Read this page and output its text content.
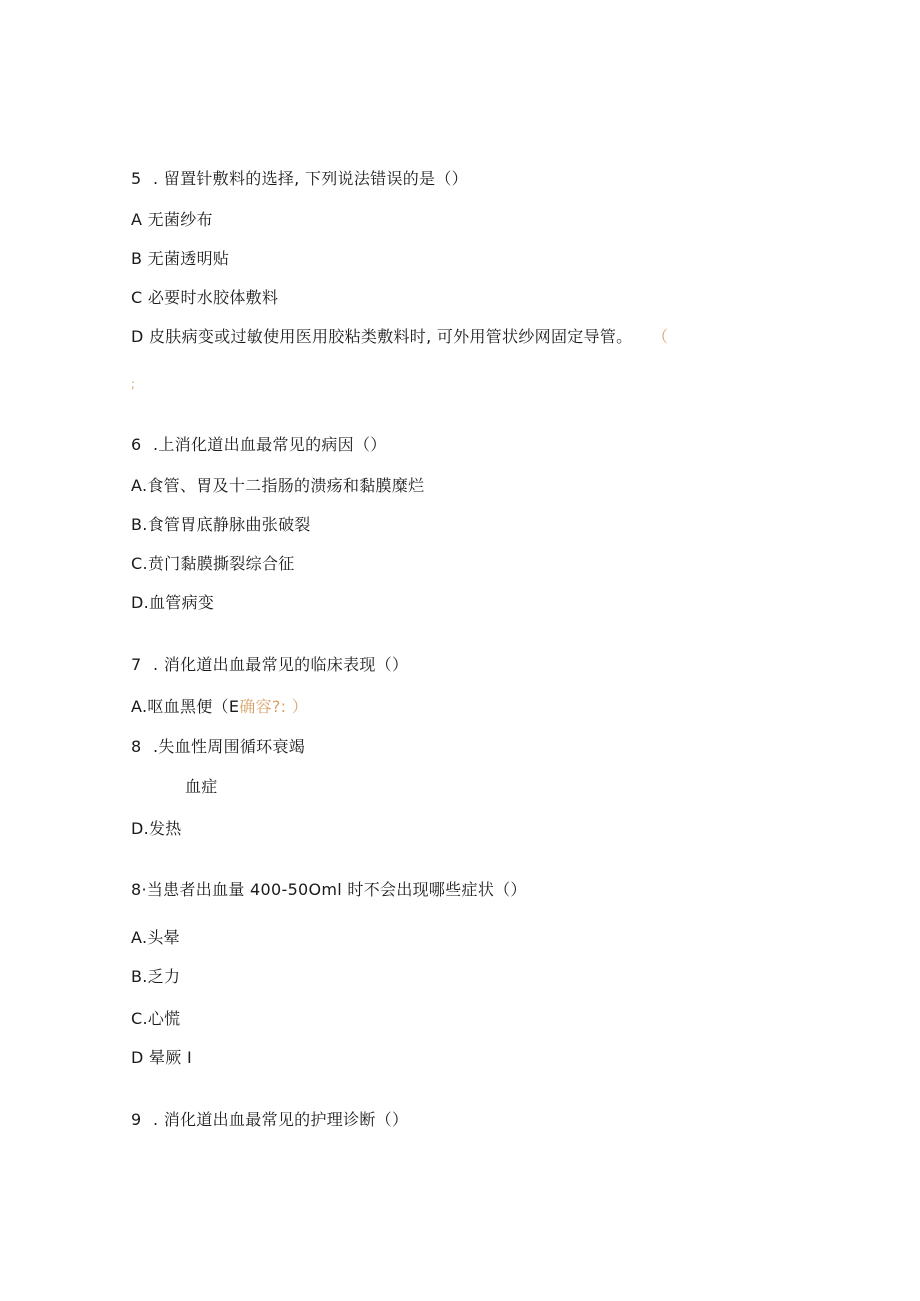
5 . 留置针敷料的选择, 下列说法错误的是（）
A 无菌纱布
B 无菌透明贴
C 必要时水胶体敷料
D 皮肤病变或过敏使用医用胶粘类敷料时, 可外用管状纱网固定导管。 （
;
6 .上消化道出血最常见的病因（）
A.食管、胃及十二指肠的溃疡和黏膜糜烂
B.食管胃底静脉曲张破裂
C.贲门黏膜撕裂综合征
D.血管病变
7 . 消化道出血最常见的临床表现（）
A.呕血黑便（E确容?: ）
8 .失血性周围循环衰竭
血症
D.发热
8·当患者出血量 400-50Oml 时不会出现哪些症状（）
A.头晕
B.乏力
C.心慌
D 晕厥 I
9 . 消化道出血最常见的护理诊断（）
